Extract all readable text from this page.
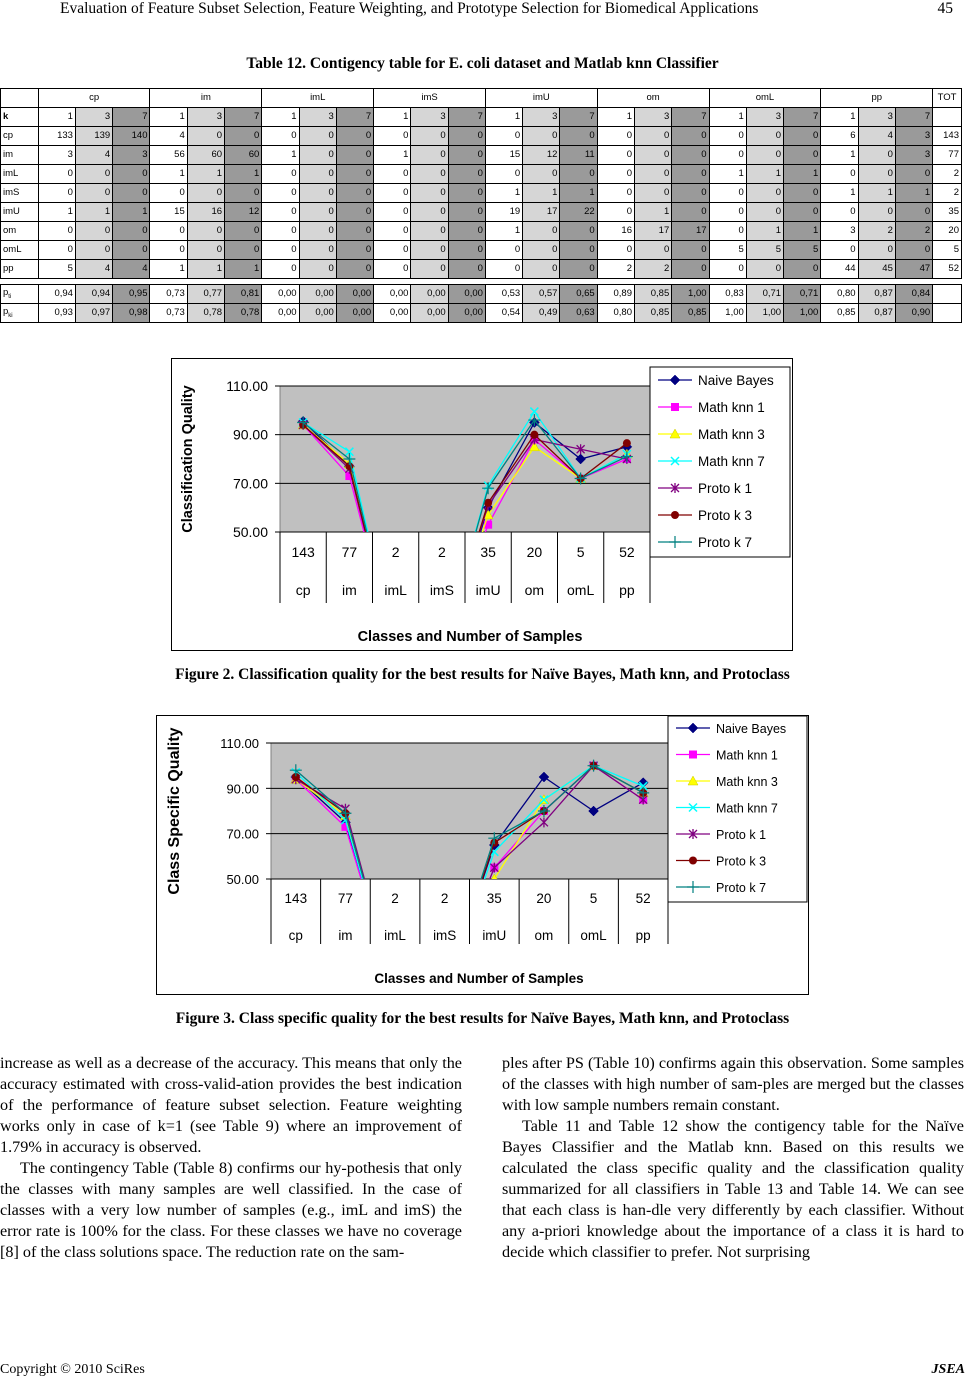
Evaluation of Feature Subset Selection, Feature Weighting, and Prototype Selection for Biomedical Applications	45
Table 12. Contigency table for E. coli dataset and Matlab knn Classifier
	cp			im			imL			imS			imU			om			omL			pp			TOT
k	1	3	7	1	3	7	1	3	7	1	3	7	1	3	7	1	3	7	1	3	7	1	3	7	
cp	133	139	140	4	0	0	0	0	0	0	0	0	0	0	0	0	0	0	0	0	0	6	4	3	143
im	3	4	3	56	60	60	1	0	0	1	0	0	15	12	11	0	0	0	0	0	0	1	0	3	77
imL	0	0	0	1	1	1	0	0	0	0	0	0	0	0	0	0	0	0	1	1	1	0	0	0	2
imS	0	0	0	0	0	0	0	0	0	0	0	0	1	1	1	0	0	0	0	0	0	1	1	1	2
imU	1	1	1	15	16	12	0	0	0	0	0	0	19	17	22	0	1	0	0	0	0	0	0	0	35
om	0	0	0	0	0	0	0	0	0	0	0	0	1	0	0	16	17	17	0	1	1	3	2	2	20
omL	0	0	0	0	0	0	0	0	0	0	0	0	0	0	0	0	0	0	5	5	5	0	0	0	5
pp	5	4	4	1	1	1	0	0	0	0	0	0	0	0	0	2	2	0	0	0	0	44	45	47	52

$p_{ti}$	0,94	0,94	0,95	0,73	0,77	0,81	0,00	0,00	0,00	0,00	0,00	0,00	0,53	0,57	0,65	0,89	0,85	1,00	0,83	0,71	0,71	0,80	0,87	0,84	
$p_{ki}$	0,93	0,97	0,98	0,73	0,78	0,78	0,00	0,00	0,00	0,00	0,00	0,00	0,54	0,49	0,63	0,80	0,85	0,85	1,00	1,00	1,00	0,85	0,87	0,90	
110.00
90.00
70.00
50.00
143
cp
77
im
2
imL
2
imS
35
imU
20
om
5
omL
52
pp
Classification Quality
Classes and Number of Samples
Naive Bayes
Math knn 1
Math knn 3
Math knn 7
Proto k 1
Proto k 3
Proto k 7
Figure 2. Classification quality for the best results for Naïve Bayes, Math knn, and Protoclass
110.00
90.00
70.00
50.00
143
cp
77
im
2
imL
2
imS
35
imU
20
om
5
omL
52
pp
Class Specific Quality
Classes and Number of Samples
Naive Bayes
Math knn 1
Math knn 3
Math knn 7
Proto k 1
Proto k 3
Proto k 7
Figure 3. Class specific quality for the best results for Naïve Bayes, Math knn, and Protoclass

increase as well as a decrease of the accuracy. This means that only the accuracy estimated with cross-valid-ation provides the best indication of the performance of feature subset selection. Feature weighting works only in case of k=1 (see Table 9) where an improvement of 1.79% in accuracy is observed.

The contingency Table (Table 8) confirms our hy-pothesis that only the classes with many samples are well classified. In the case of classes with a very low number of samples (e.g., imL and imS) the error rate is 100% for the class. For these classes we have no coverage [8] of the class solutions space. The reduction rate on the sam-

ples after PS (Table 10) confirms again this observation. Some samples of the classes with high number of sam-ples are merged but the classes with low sample numbers remain constant.

Table 11 and Table 12 show the contigency table for the Naïve Bayes Classifier and the Matlab knn. Based on this results we calculated the class specific quality and the classification quality summarized for all classifiers in Table 13 and Table 14. We can see that each class is han-dle very differently by each classifier. Without any a-priori knowledge about the importance of a class it is hard to decide which classifier to prefer. Not surprising

Copyright © 2010 SciRes	JSEA
